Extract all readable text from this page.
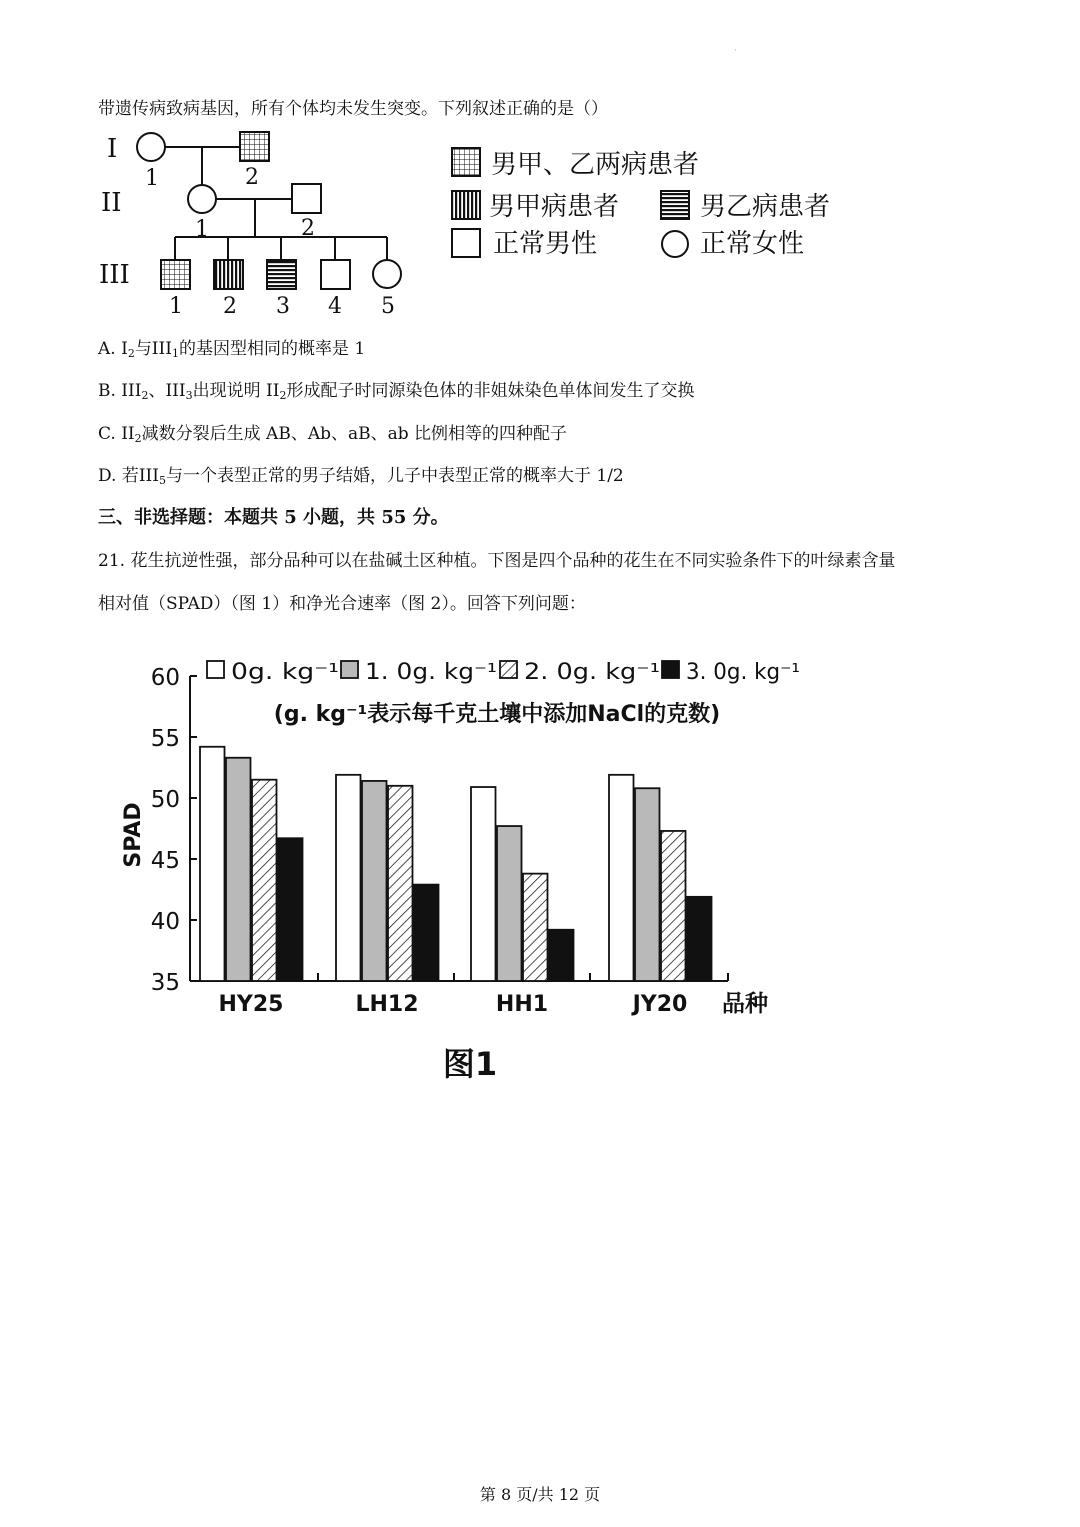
·
带遗传病致病基因，所有个体均未发生突变。下列叙述正确的是（）
I
II
III
1	2
1	2
1 2 3 4 5
男甲、乙两病患者
男甲病患者	男乙病患者
正常男性	正常女性
A. $I_2$与$III_1$的基因型相同的概率是 1
B. $III_2$、$III_3$出现说明 $II_2$形成配子时同源染色体的非姐妹染色单体间发生了交换
C. $II_2$减数分裂后生成 AB、Ab、aB、ab 比例相等的四种配子
D. 若$III_5$与一个表型正常的男子结婚，儿子中表型正常的概率大于 1/2
三、非选择题：本题共 5 小题，共 55 分。
21. 花生抗逆性强，部分品种可以在盐碱土区种植。下图是四个品种的花生在不同实验条件下的叶绿素含量
相对值（SPAD）（图 1）和净光合速率（图 2）。回答下列问题：
35
40
45
50
55
60
HY25	LH12	HH1	JY20
SPAD
品种
0g. kg⁻¹ 1. 0g. kg⁻¹ 2. 0g. kg⁻¹ 3. 0g. kg⁻¹
(g. kg⁻¹表示每千克土壤中添加NaCl的克数)
图1
第 8 页/共 12 页
